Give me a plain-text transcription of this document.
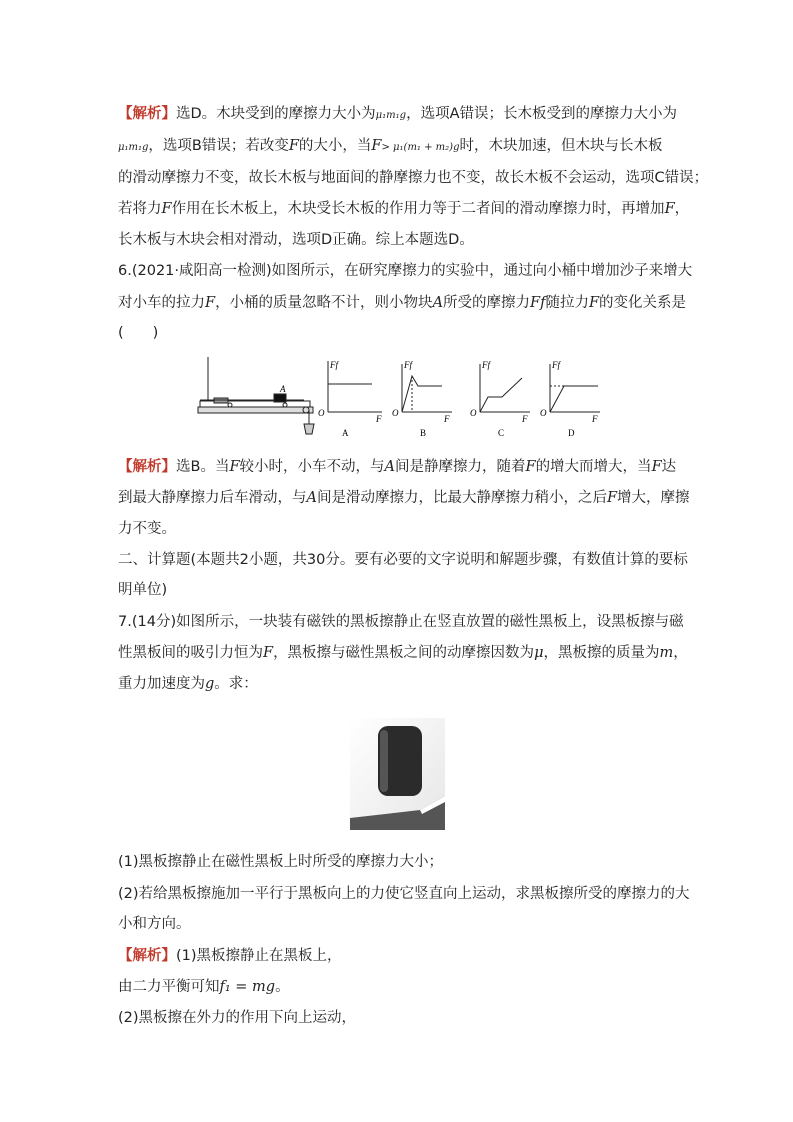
【解析】选D。木块受到的摩擦力大小为μ₁m₁g，选项A错误；长木板受到的摩擦力大小为
μ₁m₁g，选项B错误；若改变F的大小，当F> μ₁(m₁ + m₂)g时，木块加速，但木块与长木板
的滑动摩擦力不变，故长木板与地面间的静摩擦力也不变，故长木板不会运动，选项C错误；
若将力F作用在长木板上，木块受长木板的作用力等于二者间的滑动摩擦力时，再增加F，
长木板与木块会相对滑动，选项D正确。综上本题选D。
6.(2021·咸阳高一检测)如图所示，在研究摩擦力的实验中，通过向小桶中增加沙子来增大
对小车的拉力F，小桶的质量忽略不计，则小物块A所受的摩擦力Ff随拉力F的变化关系是
(　　)
A
Ff
F
O
A
Ff
F
O
B
Ff
F
O
C
Ff
F
O
D
【解析】选B。当F较小时，小车不动，与A间是静摩擦力，随着F的增大而增大，当F达
到最大静摩擦力后车滑动，与A间是滑动摩擦力，比最大静摩擦力稍小，之后F增大，摩擦
力不变。
二、计算题(本题共2小题，共30分。要有必要的文字说明和解题步骤，有数值计算的要标
明单位)
7.(14分)如图所示，一块装有磁铁的黑板擦静止在竖直放置的磁性黑板上，设黑板擦与磁
性黑板间的吸引力恒为F，黑板擦与磁性黑板之间的动摩擦因数为μ，黑板擦的质量为m，
重力加速度为g。求：
(1)黑板擦静止在磁性黑板上时所受的摩擦力大小；
(2)若给黑板擦施加一平行于黑板向上的力使它竖直向上运动，求黑板擦所受的摩擦力的大
小和方向。
【解析】(1)黑板擦静止在黑板上，
由二力平衡可知f₁ = mg。
(2)黑板擦在外力的作用下向上运动，
